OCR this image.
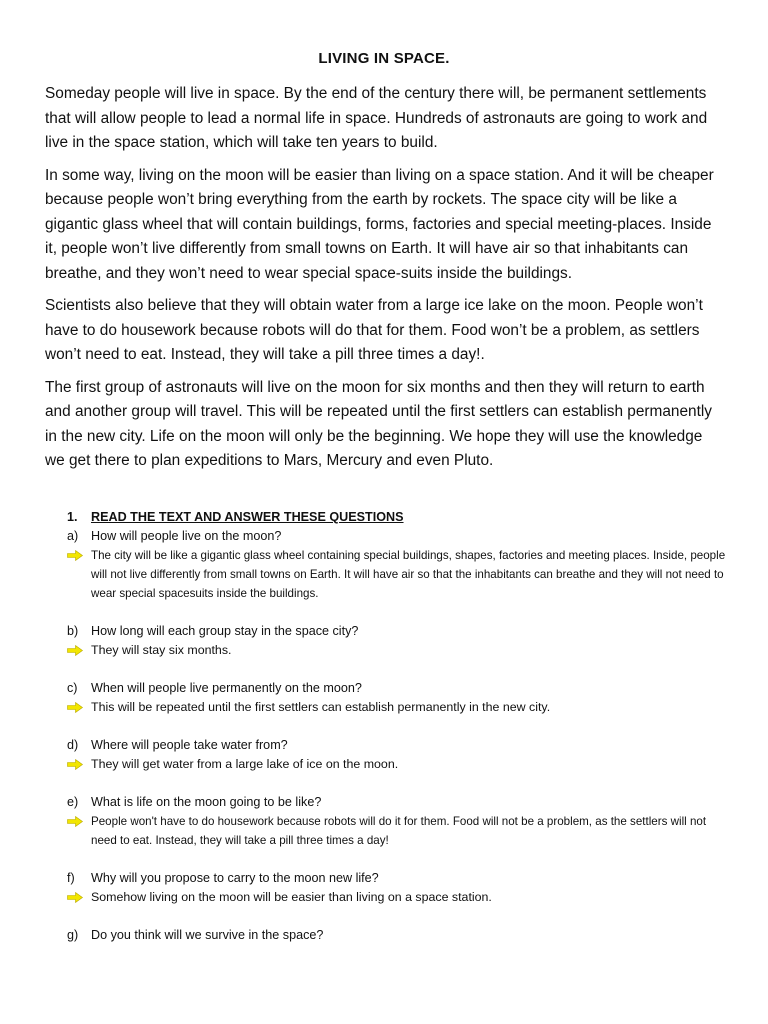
LIVING IN SPACE.

Someday people will live in space. By the end of the century there will, be permanent settlements that will allow people to lead a normal life in space. Hundreds of astronauts are going to work and live in the space station, which will take ten years to build.

In some way, living on the moon will be easier than living on a space station. And it will be cheaper because people won’t bring everything from the earth by rockets. The space city will be like a gigantic glass wheel that will contain buildings, forms, factories and special meeting-places. Inside it, people won’t live differently from small towns on Earth. It will have air so that inhabitants can breathe, and they won’t need to wear special space-suits inside the buildings.

Scientists also believe that they will obtain water from a large ice lake on the moon. People won’t have to do housework because robots will do that for them. Food won’t be a problem, as settlers won’t need to eat. Instead, they will take a pill three times a day!.

The first group of astronauts will live on the moon for six months and then they will return to earth and another group will travel. This will be repeated until the first settlers can establish permanently in the new city. Life on the moon will only be the beginning. We hope they will use the knowledge we get there to plan expeditions to Mars, Mercury and even Pluto.

1.	READ THE TEXT AND ANSWER THESE QUESTIONS
a)	How will people live on the moon?
The city will be like a gigantic glass wheel containing special buildings, shapes, factories and meeting places. Inside, people will not live differently from small towns on Earth. It will have air so that the inhabitants can breathe and they will not need to wear special spacesuits inside the buildings.
b)	How long will each group stay in the space city?
They will stay six months.
c)	When will people live permanently on the moon?
This will be repeated until the first settlers can establish permanently in the new city.
d)	Where will people take water from?
They will get water from a large lake of ice on the moon.
e)	What is life on the moon going to be like?
People won't have to do housework because robots will do it for them. Food will not be a problem, as the settlers will not need to eat. Instead, they will take a pill three times a day!
f)	Why will you propose to carry to the moon new life?
Somehow living on the moon will be easier than living on a space station.
g)	Do you think will we survive in the space?
